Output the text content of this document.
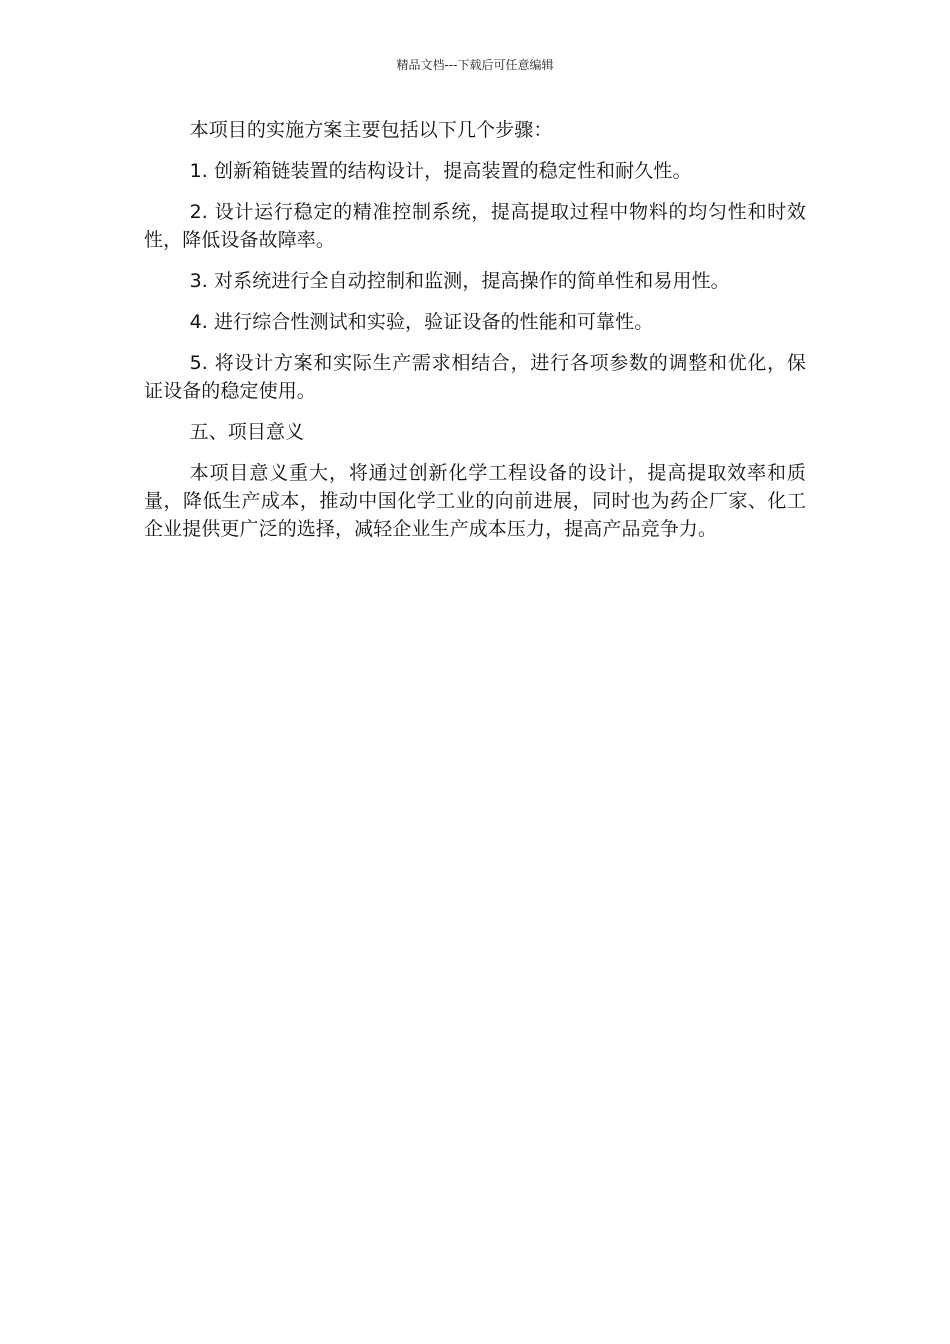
精品文档---下载后可任意编辑

本项目的实施方案主要包括以下几个步骤：

1. 创新箱链装置的结构设计，提高装置的稳定性和耐久性。

2. 设计运行稳定的精准控制系统，提高提取过程中物料的均匀性和时效性，降低设备故障率。

3. 对系统进行全自动控制和监测，提高操作的简单性和易用性。

4. 进行综合性测试和实验，验证设备的性能和可靠性。

5. 将设计方案和实际生产需求相结合，进行各项参数的调整和优化，保证设备的稳定使用。

五、项目意义

本项目意义重大，将通过创新化学工程设备的设计，提高提取效率和质量，降低生产成本，推动中国化学工业的向前进展，同时也为药企厂家、化工企业提供更广泛的选择，减轻企业生产成本压力，提高产品竞争力。
